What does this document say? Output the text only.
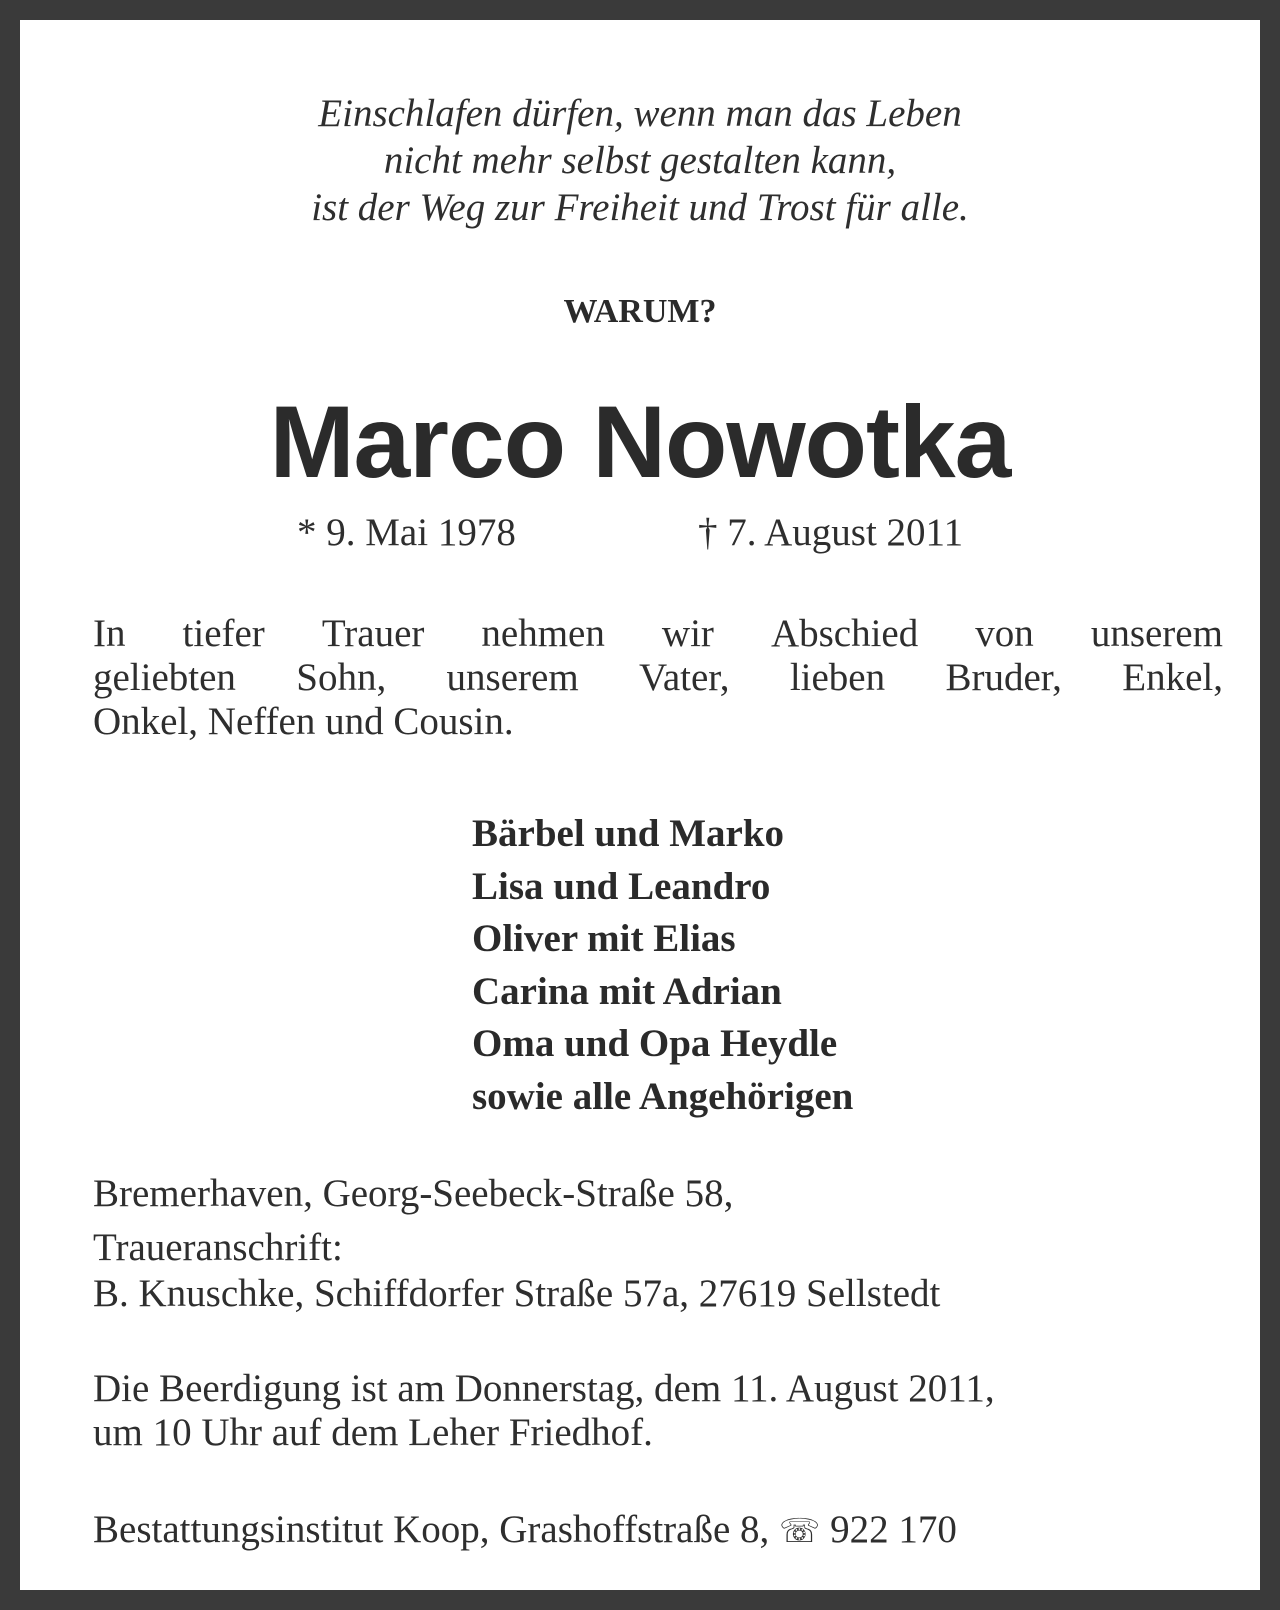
Einschlafen dürfen, wenn man das Leben
nicht mehr selbst gestalten kann,
ist der Weg zur Freiheit und Trost für alle.
WARUM?
Marco Nowotka
* 9. Mai 1978	† 7. August 2011
In tiefer Trauer nehmen wir Abschied von unserem
geliebten Sohn, unserem Vater, lieben Bruder, Enkel,
Onkel, Neffen und Cousin.
Bärbel und Marko
Lisa und Leandro
Oliver mit Elias
Carina mit Adrian
Oma und Opa Heydle
sowie alle Angehörigen
Bremerhaven, Georg-Seebeck-Straße 58,
Traueranschrift:
B. Knuschke, Schiffdorfer Straße 57a, 27619 Sellstedt
Die Beerdigung ist am Donnerstag, dem 11. August 2011,
um 10 Uhr auf dem Leher Friedhof.
Bestattungsinstitut Koop, Grashoffstraße 8, ☏ 922 170
